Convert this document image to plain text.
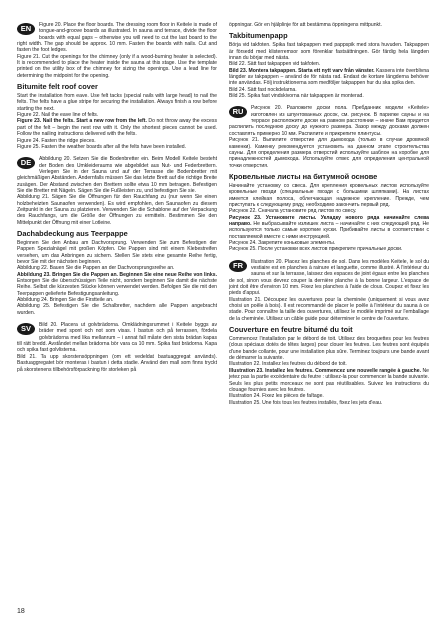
EN	Figure 20. Place the floor boards. The dressing room floor in Keitele is made of tongue-and-groove boards as illustrated. In sauna and terrace, divide the floor boards with equal gaps – otherwise you will need to cut the last board to the right width. The gap should be approx. 10 mm. Fasten the boards with nails. Cut and fasten the foot ledges.

Figure 21. Cut the openings for the chimney (only if a wood-burning heater is selected). It is recommended to place the heater inside the sauna at this stage. Use the template printed on the utility box of the chimney for sizing the openings. Use a lead line for determining the midpoint for the opening.

Bitumite felt roof cover

Start the installation from eave. Use felt tacks (special nails with large head) to nail the felts. The felts have a glue stripe for securing the installation. Always finish a row before starting the next.

Figure 22. Nail the eave line of felts.

Figure 23. Nail the felts. Start a new row from the left. Do not throw away the excess part of the felt – begin the next row with it. Only the shortest pieces cannot be used. Follow the nailing instructions delivered with the felts.

Figure 24. Fasten the ridge pieces.

Figure 25. Fasten the weather boards after all the felts have been installed.

DE	Abbildung 20. Setzen Sie die Bodenbretter ein. Beim Modell Keitele besteht der Boden des Umkleideraums wie abgebildet aus Nut- und Federbrettern. Verlegen Sie in der Sauna und auf der Terrasse die Bodenbretter mit gleichmäßigen Abständen. Andernfalls müssen Sie das letzte Brett auf die richtige Breite zusägen. Der Abstand zwischen den Brettern sollte etwa 10 mm betragen. Befestigen Sie die Bretter mit Nägeln. Sägen Sie die Fußleisten zu, und befestigen Sie sie.

Abbildung 21. Sägen Sie die Öffnungen für den Rauchfang zu (nur wenn Sie einen holzbeheizten Saunaofen verwenden). Es wird empfohlen, den Saunaofen zu diesem Zeitpunkt in der Sauna zu platzieren. Verwenden Sie die Schablone auf der Verpackung des Rauchfangs, um die Größe der Öffnungen zu ermitteln. Bestimmen Sie den Mittelpunkt der Öffnung mit einer Lotleine.

Dachabdeckung aus Teerpappe

Beginnen Sie den Anbau am Dachvorsprung. Verwenden Sie zum Befestigen der Pappen Spezialnägel mit großen Köpfen. Die Pappen sind mit einem Klebestreifen versehen, um das Anbringen zu sichern. Stellen Sie stets eine gesamte Reihe fertig, bevor Sie mit der nächsten beginnen.

Abbildung 22. Bauen Sie die Pappen an der Dachvorsprungsreihe an.

Abbildung 23. Bringen Sie die Pappen an. Beginnen Sie eine neue Reihe von links. Entsorgen Sie die überschüssigen Teile nicht, sondern beginnen Sie damit die nächste Reihe. Selbst die kürzesten Stücke können verwendet werden. Befolgen Sie die mit den Teerpappen gelieferte Befestigungsanleitung.

Abbildung 24. Bringen Sie die Firstteile an.

Abbildung 25. Befestigen Sie die Schalbretter, nachdem alle Pappen angebracht wurden.

SV	Bild 20. Placera ut golvbrädorna. Omklädningsrummet i Keitele byggs av bräder med spont och not som visas. I bastun och på terrassen, fördela golvbrädorna med lika mellanrum – i annat fall måste den sista brädan kapas till rätt bredd. Avståndet mellan brädorna bör vara ca 10 mm. Spika fast brädorna. Kapa och spika fast golvlisterna.

Bild 21. Ta upp skorstensöppningen (om ett vedeldat bastuaggregat används). Bastuaggregatet bör monteras i bastun i detta stadie. Använd den mall som finns tryckt på skorstenens tillbehörsförpackning för storleken på

öppningar. Gör en hjälplinje för att bestämma öppningens mittpunkt.

Takbitumenpapp

Börja vid takfoten. Spika fast takpappen med pappspik med stora huvuden. Takpappen är försedd med klisterremsor som förenklar fastsättningen. Gör färdig hela längden innan du börjar med nästa.

Bild 22. Sätt fast takpappen vid takfoten.

Bild 23. Montera takpappen. Starta ett nytt varv från vänster. Kassera inte överblivna längder av takpappen – använd de för nästa rad. Endast de kortare längderna behöver inte användas. Följ instruktionerna som medföljer takpappen hur du ska spika den.

Bild 24. Sätt fast nockdelarna.

Bild 25. Spika fast vindskivorna när takpappen är monterad.

RU	Рисунок 20. Разложите доски пола. Пребданник модели «Keitele» изготовлен из шпунтованных досок, см. рисунок. В парилке сауны и на террасе расположите доски на равном расстоянии – иначе Вам придется распилить последнюю доску до нужного размера. Зазор между досками должен составлять примерно 10 мм. Распилите и прикрепите плинтусы.

Рисунок 21. Выпилите отверстие для дымохода (только в случае дровяной каменки). Каменку рекомендуется установить на данном этапе строительства сауны. Для определения размера отверстий используйте шаблон на коробке для принадлежностей дымохода. Используйте отвес для определения центральной точки отверстия.

Кровельные листы на битумной основе

Начинайте установку со свеса. Для крепления кровельных листов используйте кровельные гвозди (специальные гвозди с большими шляпками). На листах имеется клейкая полоса, облегчающая надежное крепление. Прежде, чем приступать к следующему ряду, необходимо закончить первый ряд.

Рисунок 22. Сначала установите ряд листов по свесу.

Рисунок 23. Установите листы. Укладку нового ряда начинайте слева направо. Не выбрасывайте излишек листа – начинайте с них следующий ряд. Не используются только самые короткие куски. Прибивайте листы в соответствии с поставляемой вместе с ними инструкцией.

Рисунок 24. Закрепите коньковые элементы.

Рисунок 25. После установки всех листов прикрепите причальные доски.

FR	Illustration 20. Placez les planches de sol. Dans les modèles Keitele, le sol du vestiaire est en planches à rainure et languette, comme illustré. À l'intérieur du sauna et sur la terrasse, laissez des espaces de joint égaux entre les planches de sol, sinon vous devrez couper la dernière planche à la bonne largeur. L'espace de joint doit être d'environ 10 mm. Fixez les planches à l'aide de clous. Coupez et fixez les pieds d'appui.

Illustration 21. Découpez les ouvertures pour la cheminée (uniquement si vous avez choisi un poêle à bois). Il est recommandé de placer le poêle à l'intérieur du sauna à ce stade. Pour connaître la taille des ouvertures, utilisez le modèle imprimé sur l'emballage de la cheminée. Utilisez un câble guide pour déterminer le centre de l'ouverture.

Couverture en feutre bitumé du toit

Commencez l'installation par le débord de toit. Utilisez des broquettes pour les feutres (clous spéciaux dotés de têtes larges) pour clouer les feutres. Les feutres sont équipés d'une bande collante, pour une installation plus sûre. Terminez toujours une bande avant de démarrer la suivante.

Illustration 22. Installez les feutres du débord de toit.

Illustration 23. Installez les feutres. Commencez une nouvelle rangée à gauche. Ne jetez pas la partie excédentaire du feutre : utilisez-la pour commencer la bande suivante. Seuls les plus petits morceaux ne sont pas réutilisables. Suivez les instructions du clouage fournies avec les feutres.

Illustration 24. Fixez les pièces de faîtage.

Illustration 25. Une fois tous les feutres installés, fixez les jets d'eau.

18
